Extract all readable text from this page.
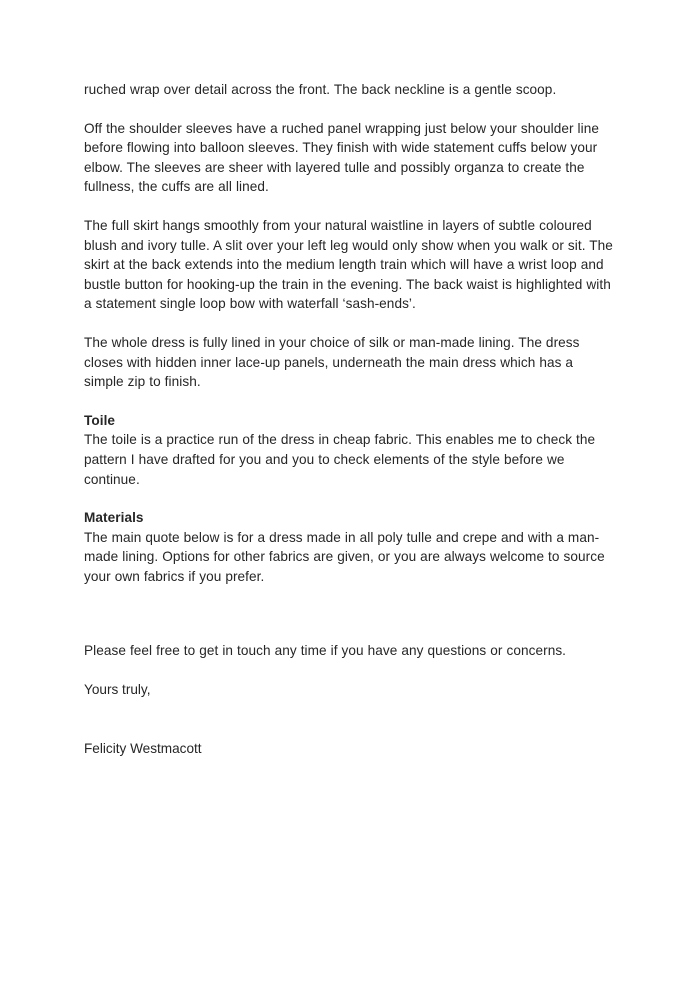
ruched wrap over detail across the front. The back neckline is a gentle scoop.

Off the shoulder sleeves have a ruched panel wrapping just below your shoulder line before flowing into balloon sleeves. They finish with wide statement cuffs below your elbow. The sleeves are sheer with layered tulle and possibly organza to create the fullness, the cuffs are all lined.

The full skirt hangs smoothly from your natural waistline in layers of subtle coloured blush and ivory tulle. A slit over your left leg would only show when you walk or sit. The skirt at the back extends into the medium length train which will have a wrist loop and bustle button for hooking-up the train in the evening. The back waist is highlighted with a statement single loop bow with waterfall ‘sash-ends’.

The whole dress is fully lined in your choice of silk or man-made lining. The dress closes with hidden inner lace-up panels, underneath the main dress which has a simple zip to finish.

Toile

The toile is a practice run of the dress in cheap fabric. This enables me to check the pattern I have drafted for you and you to check elements of the style before we continue.

Materials

The main quote below is for a dress made in all poly tulle and crepe and with a man-made lining. Options for other fabrics are given, or you are always welcome to source your own fabrics if you prefer.

Please feel free to get in touch any time if you have any questions or concerns.

Yours truly,

Felicity Westmacott
